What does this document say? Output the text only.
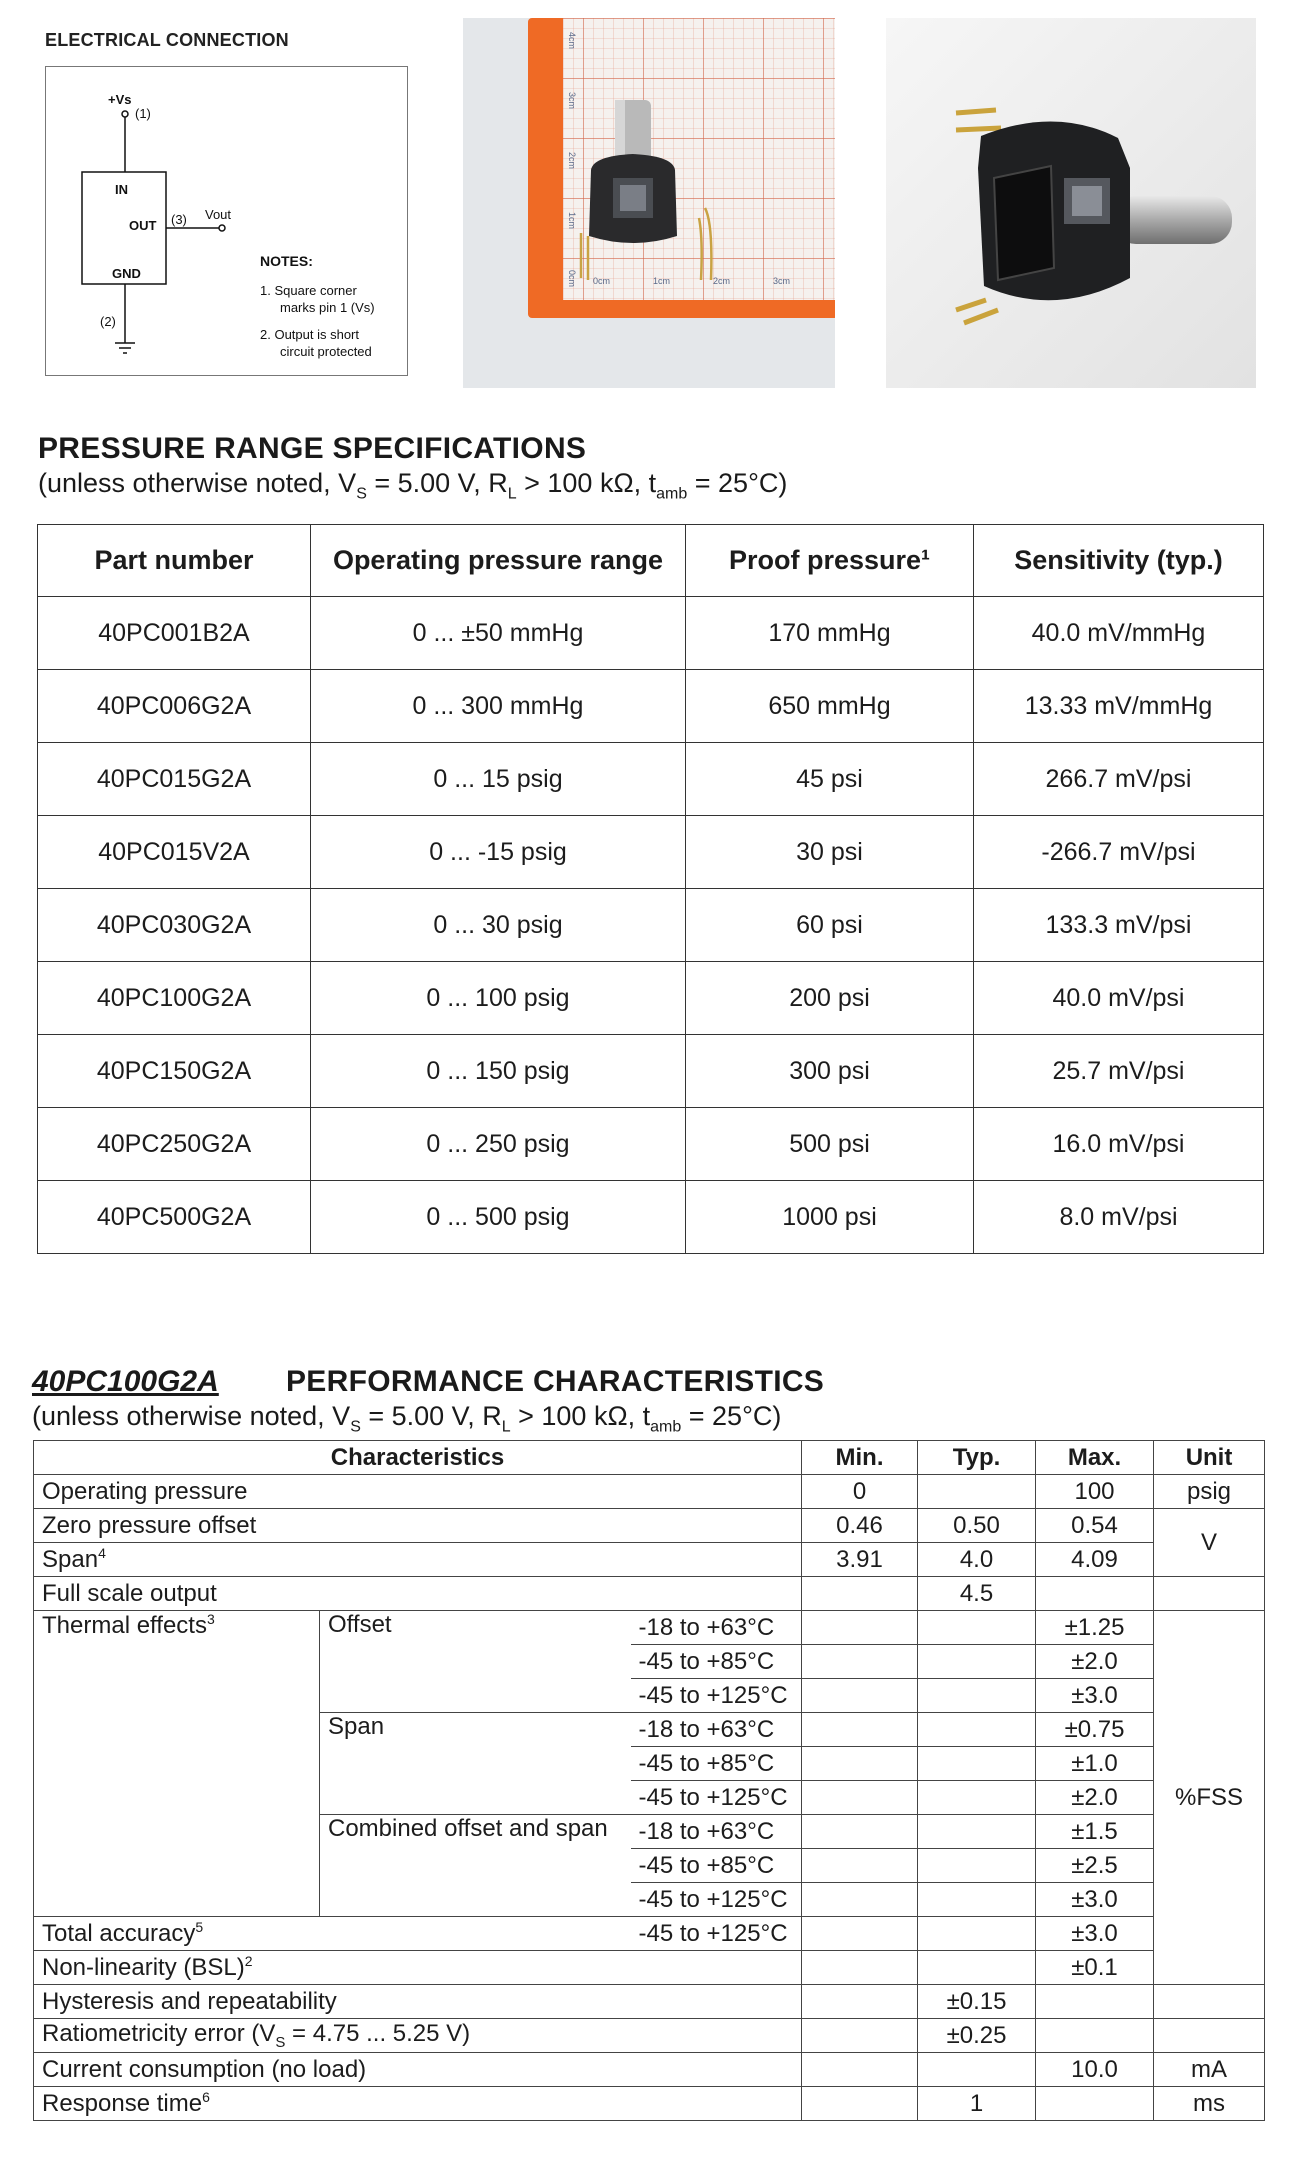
ELECTRICAL CONNECTION
+Vs
(1)
IN
OUT
GND
(3) Vout
(2)
NOTES:
1. Square corner
marks pin 1 (Vs)
2. Output is short
circuit protected
4cm
3cm
2cm
1cm
0cm 0cm	1cm	2cm	3cm
PRESSURE RANGE SPECIFICATIONS
(unless otherwise noted, $V_S = 5.00$ V, $R_L > 100$ kΩ, $t_{amb} = 25^\circ C$)
Part number	Operating pressure range	Proof pressure¹	Sensitivity (typ.)
40PC001B2A	0 ... ±50 mmHg	170 mmHg	40.0 mV/mmHg
40PC006G2A	0 ... 300 mmHg	650 mmHg	13.33 mV/mmHg
40PC015G2A	0 ... 15 psig	45 psi	266.7 mV/psi
40PC015V2A	0 ... -15 psig	30 psi	-266.7 mV/psi
40PC030G2A	0 ... 30 psig	60 psi	133.3 mV/psi
40PC100G2A	0 ... 100 psig	200 psi	40.0 mV/psi
40PC150G2A	0 ... 150 psig	300 psi	25.7 mV/psi
40PC250G2A	0 ... 250 psig	500 psi	16.0 mV/psi
40PC500G2A	0 ... 500 psig	1000 psi	8.0 mV/psi
40PC100G2A PERFORMANCE CHARACTERISTICS
(unless otherwise noted, $V_S = 5.00$ V, $R_L > 100$ kΩ, $t_{amb} = 25^\circ C$)
Characteristics			Min.	Typ.	Max.	Unit
Operating pressure			0		100	psig
Zero pressure offset			0.46	0.50	0.54	V
Span$^4$			3.91	4.0	4.09	
Full scale output				4.5		
Thermal effects$^3$	Offset	-18 to +63°C			±1.25	%FSS
		-45 to +85°C			±2.0	
		-45 to +125°C			±3.0	
	Span	-18 to +63°C			±0.75	
		-45 to +85°C			±1.0	
		-45 to +125°C			±2.0	
	Combined offset and span	-18 to +63°C			±1.5	
		-45 to +85°C			±2.5	
		-45 to +125°C			±3.0	
Total accuracy$^5$		-45 to +125°C			±3.0	
Non-linearity (BSL)$^2$					±0.1	
Hysteresis and repeatability				±0.15		
Ratiometricity error ($V_S = 4.75$ ... 5.25 V)				±0.25		
Current consumption (no load)					10.0	mA
Response time$^6$				1		ms
